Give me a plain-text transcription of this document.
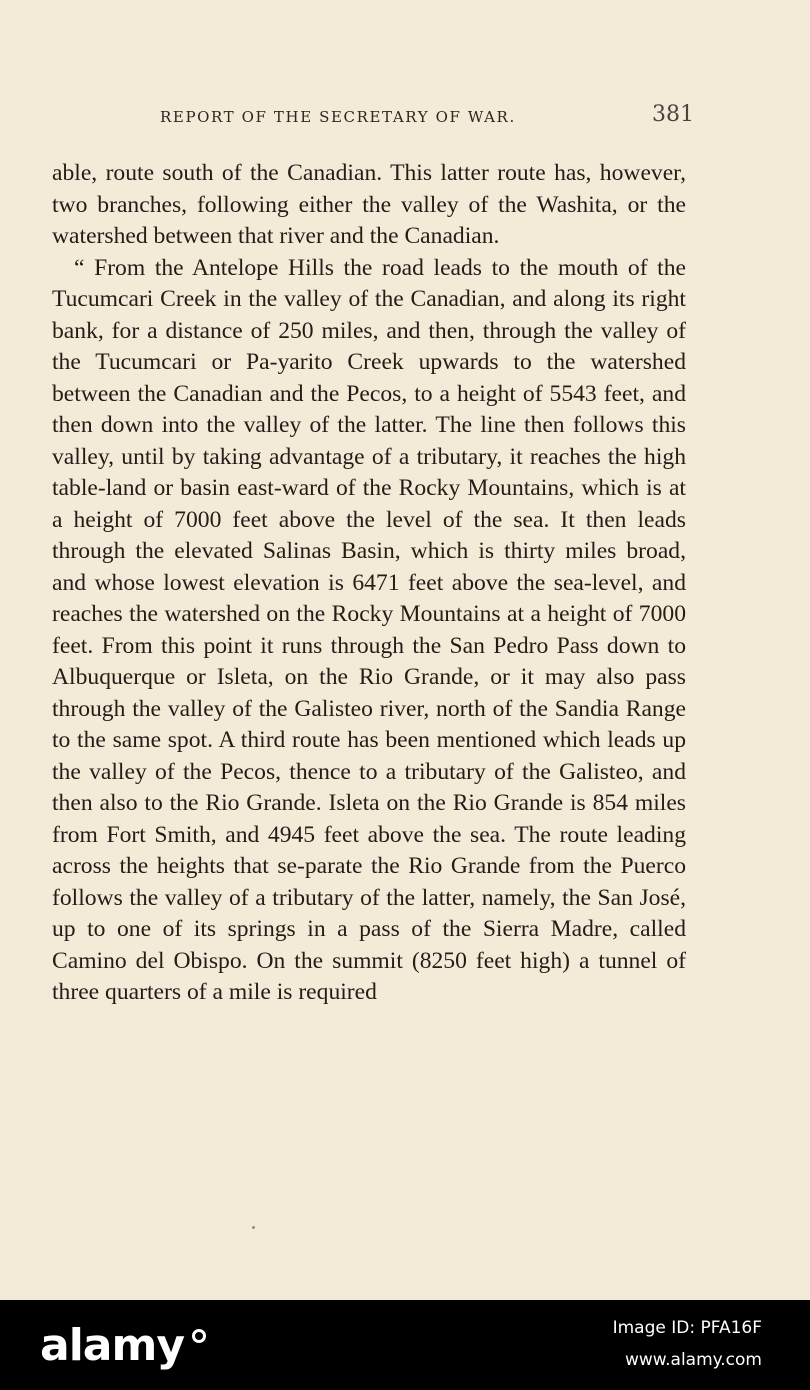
REPORT OF THE SECRETARY OF WAR.	381

able, route south of the Canadian. This latter route has, however, two branches, following either the valley of the Washita, or the watershed between that river and the Canadian.

“ From the Antelope Hills the road leads to the mouth of the Tucumcari Creek in the valley of the Canadian, and along its right bank, for a distance of 250 miles, and then, through the valley of the Tucumcari or Pa-yarito Creek upwards to the watershed between the Canadian and the Pecos, to a height of 5543 feet, and then down into the valley of the latter. The line then follows this valley, until by taking advantage of a tributary, it reaches the high table-land or basin east-ward of the Rocky Mountains, which is at a height of 7000 feet above the level of the sea. It then leads through the elevated Salinas Basin, which is thirty miles broad, and whose lowest elevation is 6471 feet above the sea-level, and reaches the watershed on the Rocky Mountains at a height of 7000 feet. From this point it runs through the San Pedro Pass down to Albuquerque or Isleta, on the Rio Grande, or it may also pass through the valley of the Galisteo river, north of the Sandia Range to the same spot. A third route has been mentioned which leads up the valley of the Pecos, thence to a tributary of the Galisteo, and then also to the Rio Grande. Isleta on the Rio Grande is 854 miles from Fort Smith, and 4945 feet above the sea. The route leading across the heights that se-parate the Rio Grande from the Puerco follows the valley of a tributary of the latter, namely, the San José, up to one of its springs in a pass of the Sierra Madre, called Camino del Obispo. On the summit (8250 feet high) a tunnel of three quarters of a mile is required

alamy	Image ID: PFA16F
www.alamy.com
